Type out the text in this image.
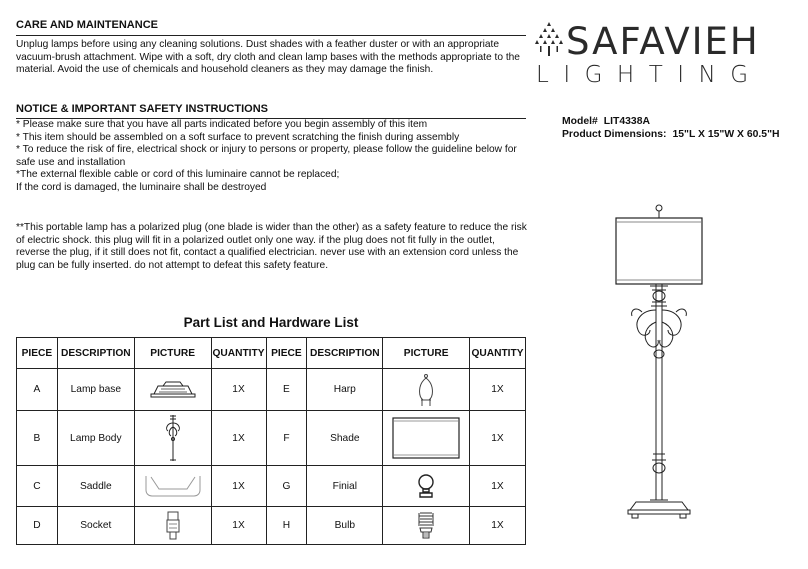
CARE AND MAINTENANCE
Unplug lamps before using any cleaning solutions. Dust shades with a feather duster or with an appropriate vacuum-brush attachment. Wipe with a soft, dry cloth and clean lamp bases with the methods appropriate to the material. Avoid the use of chemicals and household cleaners as they may damage the finish.
NOTICE & IMPORTANT SAFETY INSTRUCTIONS
* Please make sure that you have all parts indicated before you begin assembly of this item
* This item should be assembled on a soft surface to prevent scratching the finish during assembly
* To reduce the risk of fire, electrical shock or injury to persons or property, please follow the guideline below for safe use and installation
*The external flexible cable or cord of this luminaire cannot be replaced;
If the cord is damaged, the luminaire shall be destroyed
**This portable lamp has a polarized plug (one blade is wider than the other) as a safety feature to reduce the risk of electric shock. this plug will fit in a polarized outlet only one way. if the plug does not fit fully in the outlet, reverse the plug, if it still does not fit, contact a qualified electrician. never use with an extension cord unless the plug can be fully inserted. do not attempt to defeat this safety feature.
SAFAVIEH
LIGHTING
Model# LIT4338A
Product Dimensions: 15"L X 15"W X 60.5"H
Part List and Hardware List
PIECE	DESCRIPTION	PICTURE	QUANTITY	PIECE	DESCRIPTION	PICTURE	QUANTITY
A	Lamp base		1X	E	Harp		1X
B	Lamp Body		1X	F	Shade		1X
C	Saddle		1X	G	Finial		1X
D	Socket		1X	H	Bulb		1X
